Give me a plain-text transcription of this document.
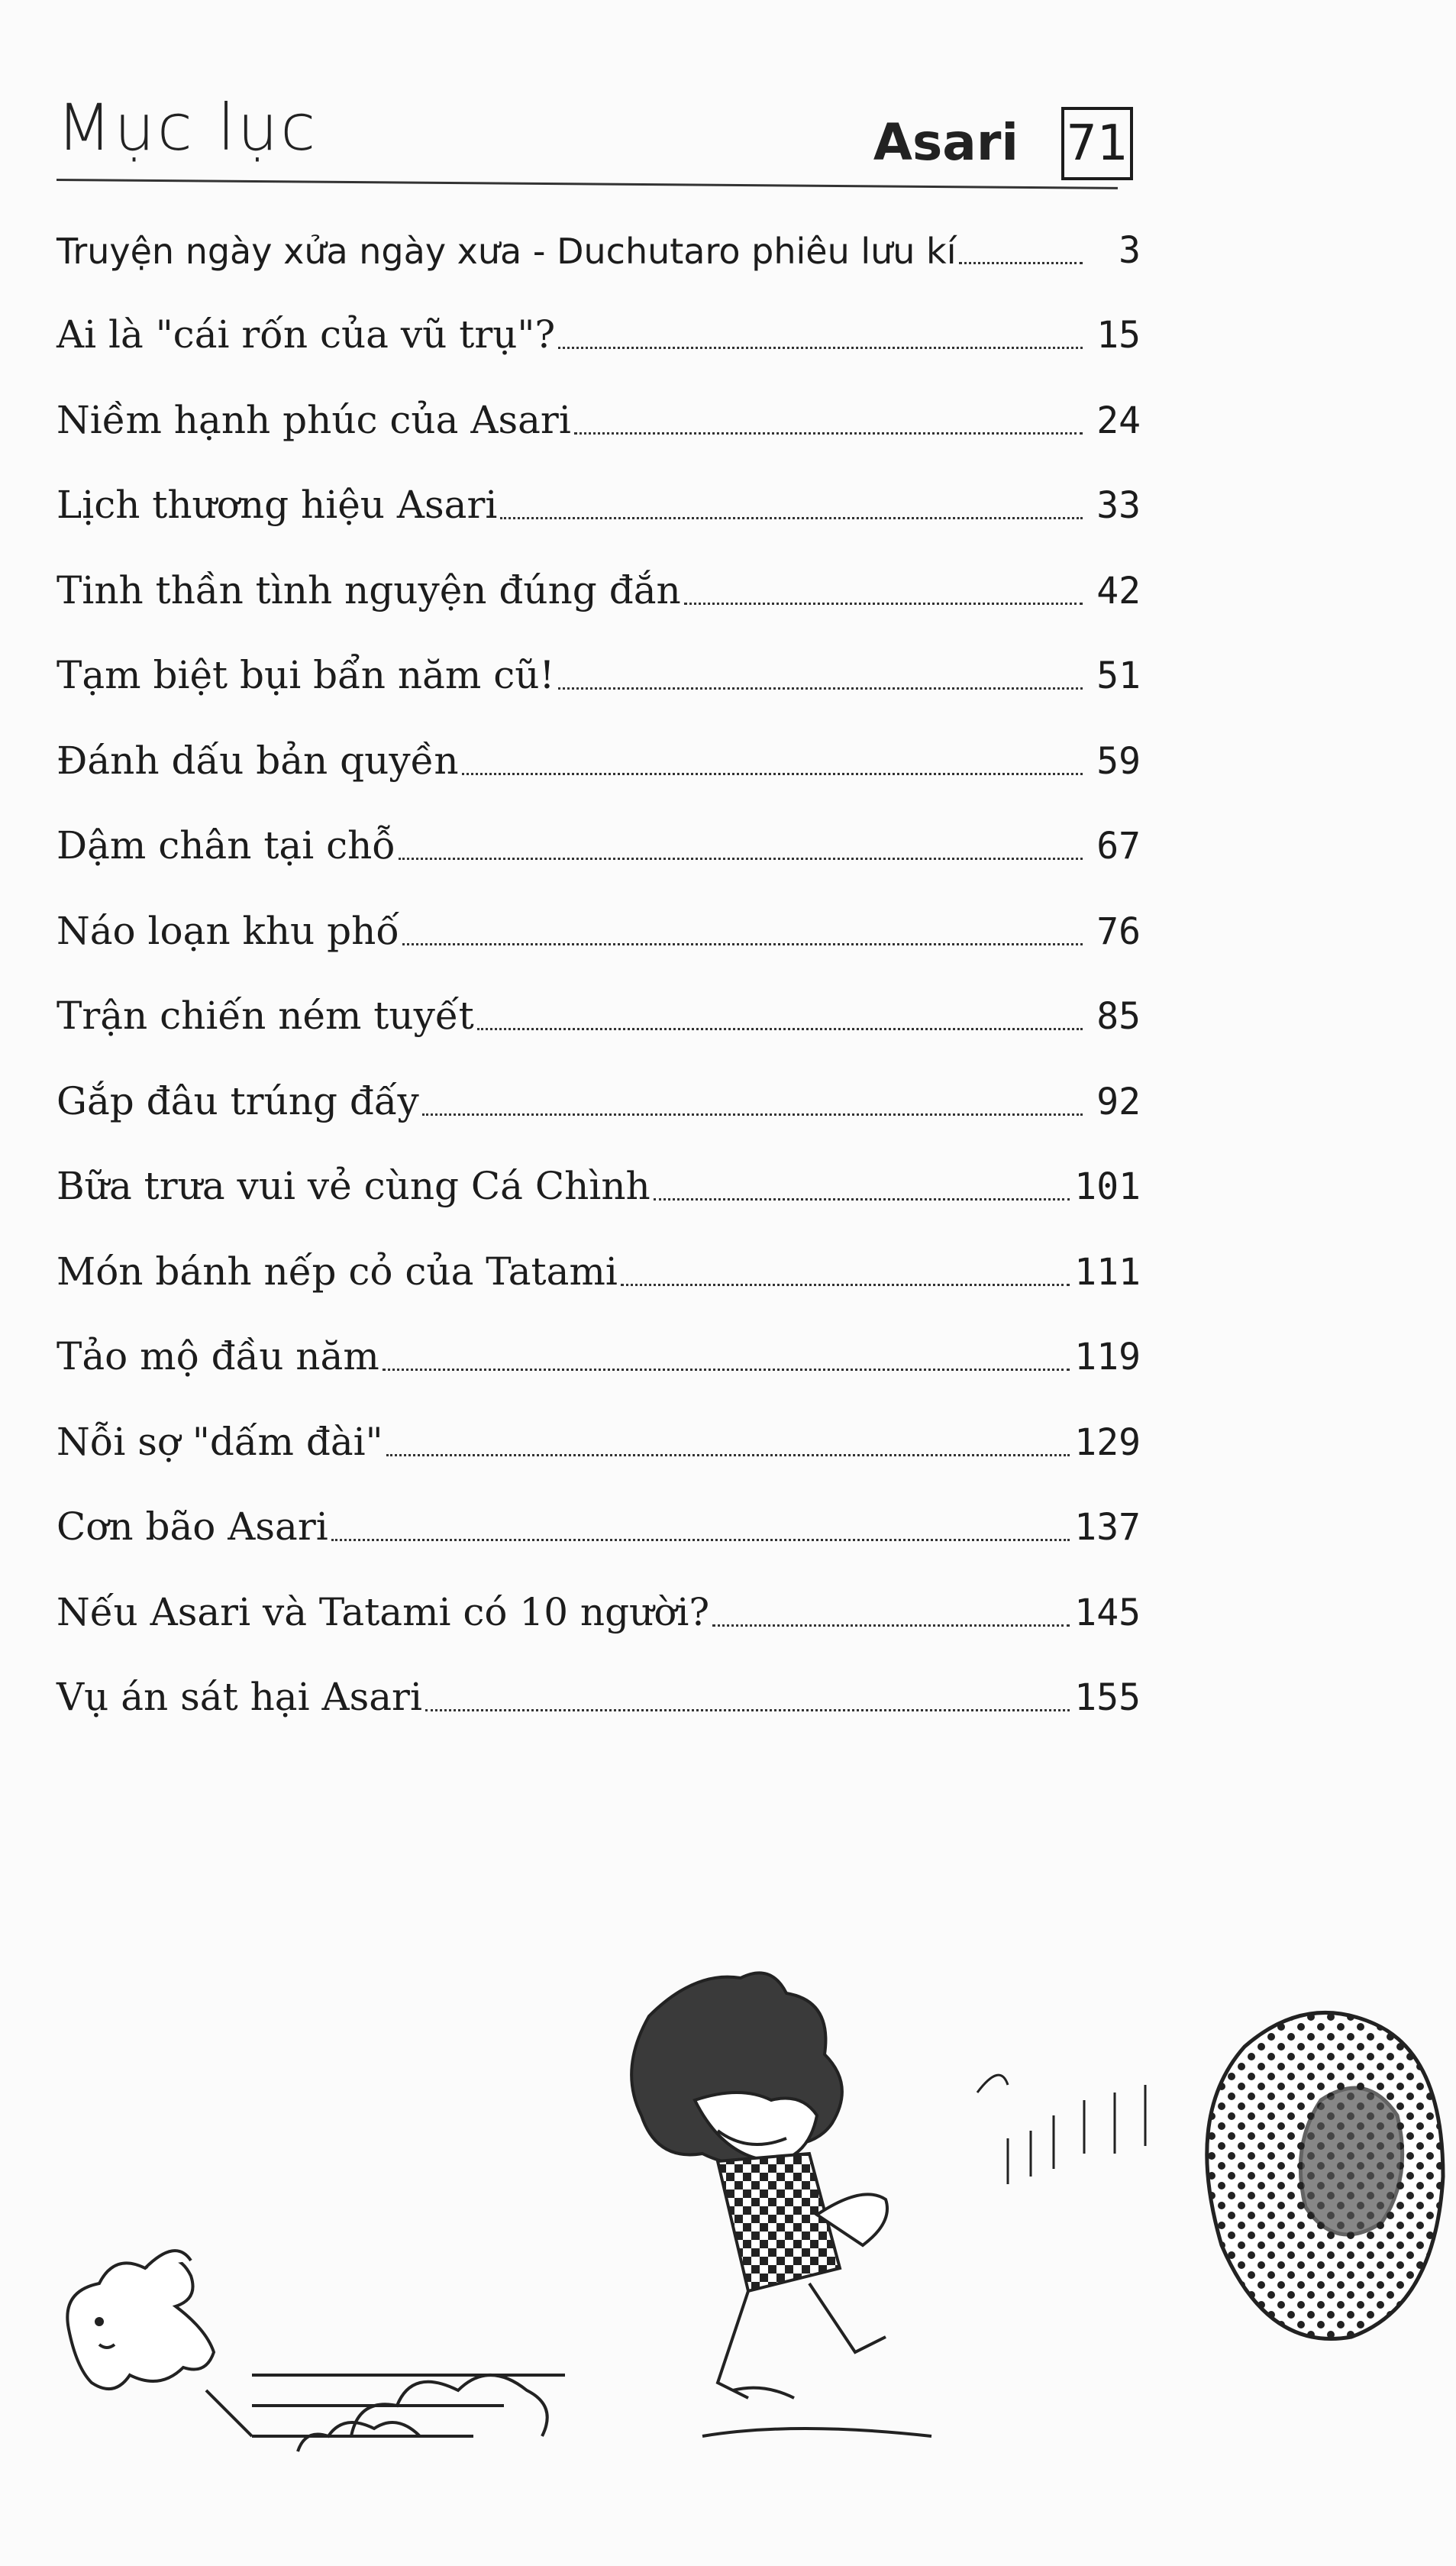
Mục lục	Asari 71
Truyện ngày xửa ngày xưa - Duchutaro phiêu lưu kí	3
Ai là "cái rốn của vũ trụ"?	15
Niềm hạnh phúc của Asari	24
Lịch thương hiệu Asari	33
Tinh thần tình nguyện đúng đắn	42
Tạm biệt bụi bẩn năm cũ!	51
Đánh dấu bản quyền	59
Dậm chân tại chỗ	67
Náo loạn khu phố	76
Trận chiến ném tuyết	85
Gắp đâu trúng đấy	92
Bữa trưa vui vẻ cùng Cá Chình	101
Món bánh nếp cỏ của Tatami	111
Tảo mộ đầu năm	119
Nỗi sợ "dấm đài"	129
Cơn bão Asari	137
Nếu Asari và Tatami có 10 người?	145
Vụ án sát hại Asari	155
